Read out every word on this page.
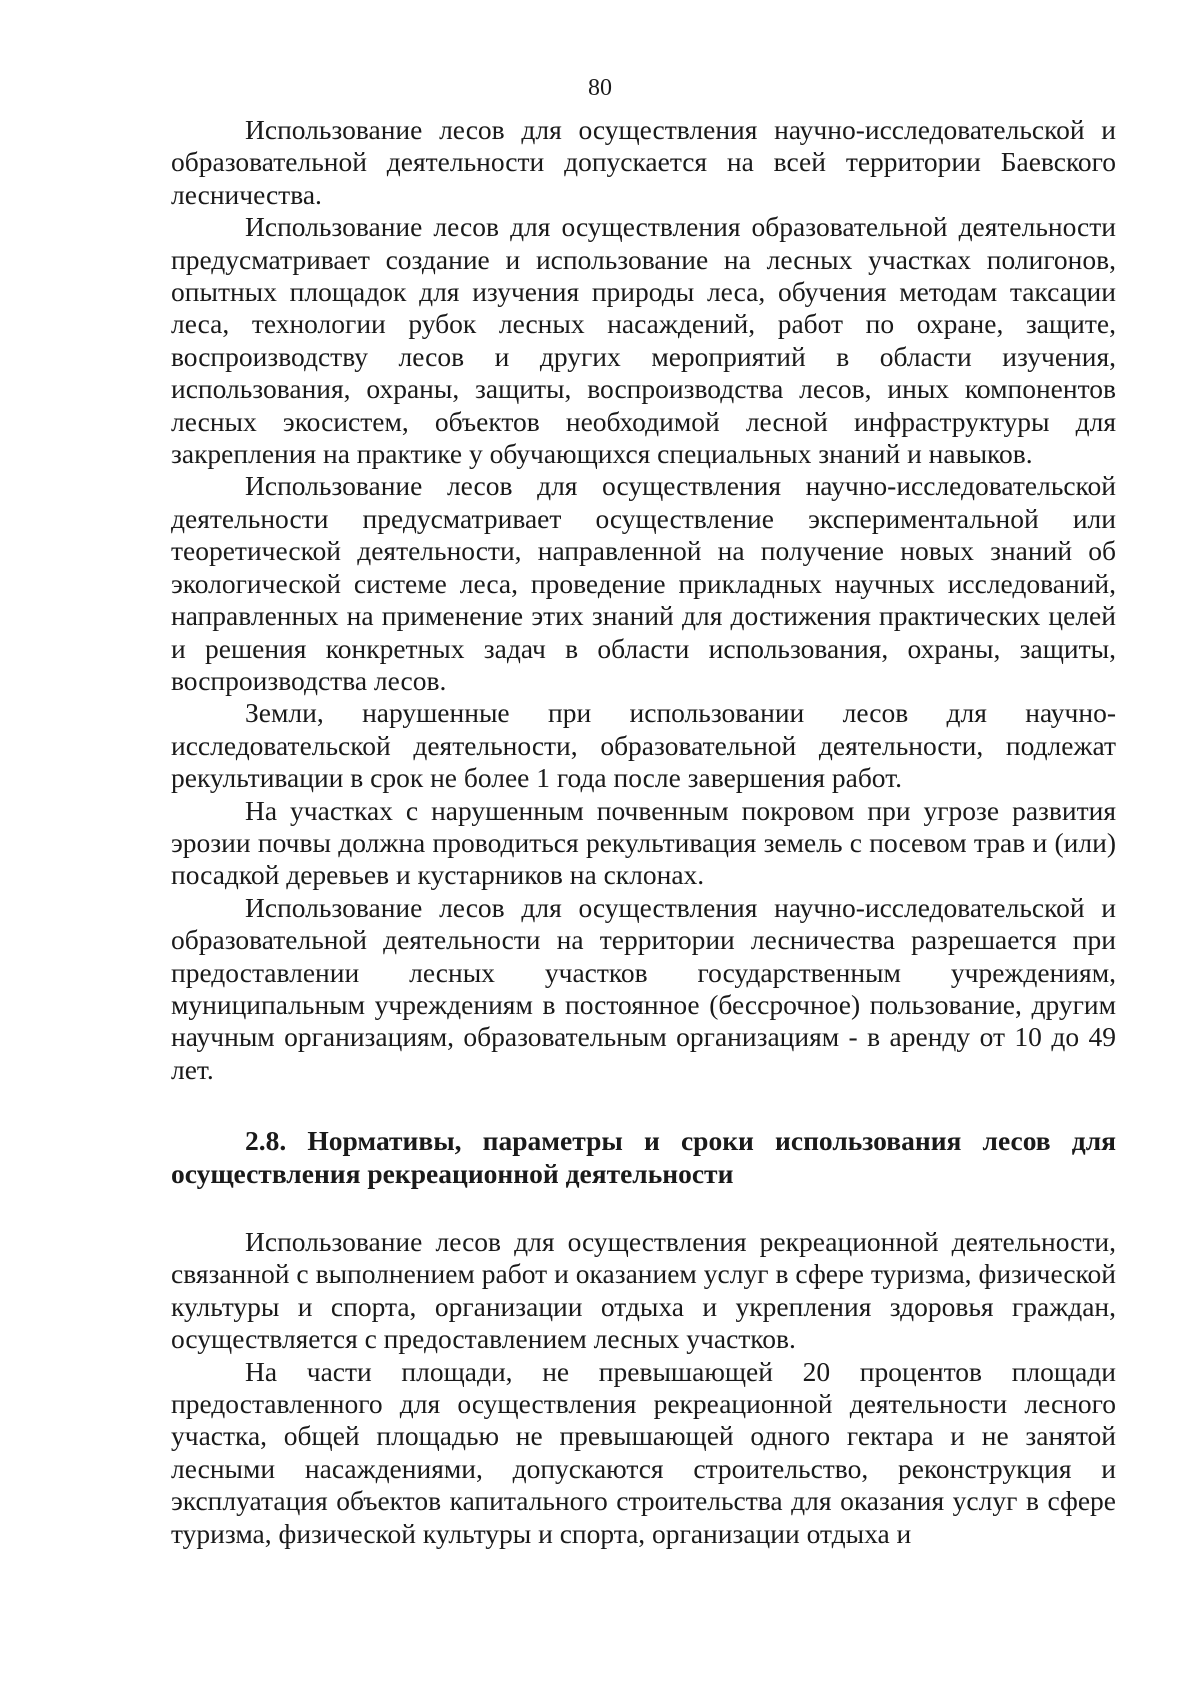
80

Использование лесов для осуществления научно-исследовательской и образовательной деятельности допускается на всей территории Баевского лесничества.

Использование лесов для осуществления образовательной деятельности предусматривает создание и использование на лесных участках полигонов, опытных площадок для изучения природы леса, обучения методам таксации леса, технологии рубок лесных насаждений, работ по охране, защите, воспроизводству лесов и других мероприятий в области изучения, использования, охраны, защиты, воспроизводства лесов, иных компонентов лесных экосистем, объектов необходимой лесной инфраструктуры для закрепления на практике у обучающихся специальных знаний и навыков.

Использование лесов для осуществления научно-исследовательской деятельности предусматривает осуществление экспериментальной или теоретической деятельности, направленной на получение новых знаний об экологической системе леса, проведение прикладных научных исследований, направленных на применение этих знаний для достижения практических целей и решения конкретных задач в области использования, охраны, защиты, воспроизводства лесов.

Земли, нарушенные при использовании лесов для научно-исследовательской деятельности, образовательной деятельности, подлежат рекультивации в срок не более 1 года после завершения работ.

На участках с нарушенным почвенным покровом при угрозе развития эрозии почвы должна проводиться рекультивация земель с посевом трав и (или) посадкой деревьев и кустарников на склонах.

Использование лесов для осуществления научно-исследовательской и образовательной деятельности на территории лесничества разрешается при предоставлении лесных участков государственным учреждениям, муниципальным учреждениям в постоянное (бессрочное) пользование, другим научным организациям, образовательным организациям - в аренду от 10 до 49 лет.

2.8. Нормативы, параметры и сроки использования лесов для осуществления рекреационной деятельности

Использование лесов для осуществления рекреационной деятельности, связанной с выполнением работ и оказанием услуг в сфере туризма, физической культуры и спорта, организации отдыха и укрепления здоровья граждан, осуществляется с предоставлением лесных участков.

На части площади, не превышающей 20 процентов площади предоставленного для осуществления рекреационной деятельности лесного участка, общей площадью не превышающей одного гектара и не занятой лесными насаждениями, допускаются строительство, реконструкция и эксплуатация объектов капитального строительства для оказания услуг в сфере туризма, физической культуры и спорта, организации отдыха и
